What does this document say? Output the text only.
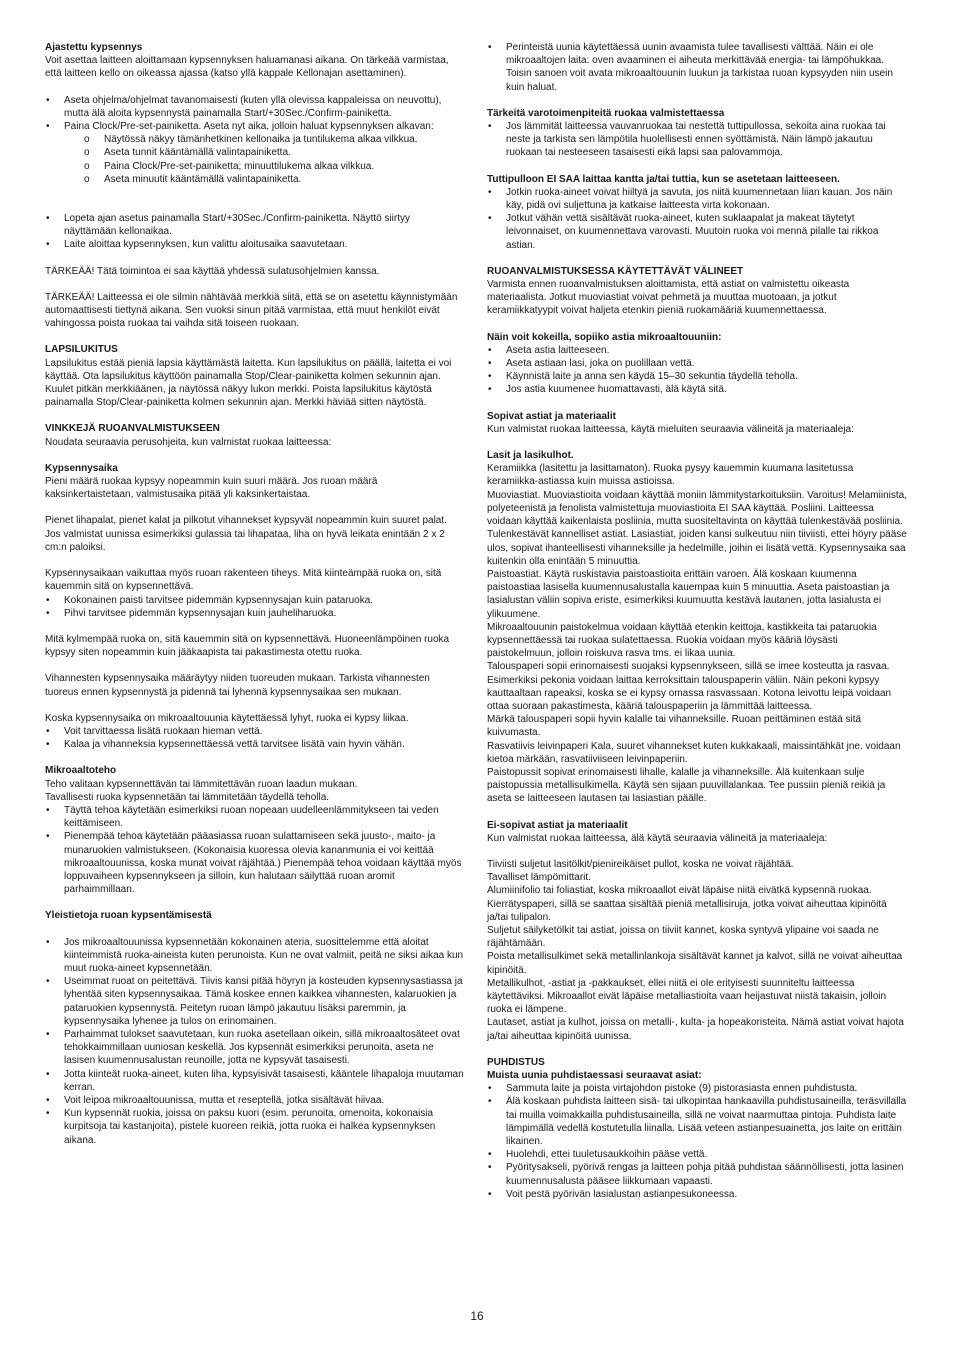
Ajastettu kypsennys

Voit asettaa laitteen aloittamaan kypsennyksen haluamanasi aikana. On tärkeää varmistaa, että laitteen kello on oikeassa ajassa (katso yllä kappale Kellonajan asettaminen).

• Aseta ohjelma/ohjelmat tavanomaisesti (kuten yllä olevissa kappaleissa on neuvottu), mutta älä aloita kypsennystä painamalla Start/+30Sec./Confirm-painiketta.
• Paina Clock/Pre-set-painiketta. Aseta nyt aika, jolloin haluat kypsennyksen alkavan:
o Näytössä näkyy tämänhetkinen kellonaika ja tuntilukema alkaa vilkkua.
o Aseta tunnit kääntämällä valintapainiketta.
o Paina Clock/Pre-set-painiketta; minuuttilukema alkaa vilkkua.
o Aseta minuutit kääntämällä valintapainiketta.
• Lopeta ajan asetus painamalla Start/+30Sec./Confirm-painiketta. Näyttö siirtyy näyttämään kellonaikaa.
• Laite aloittaa kypsennyksen, kun valittu aloitusaika saavutetaan.

TÄRKEÄÄ! Tätä toimintoa ei saa käyttää yhdessä sulatusohjelmien kanssa.

TÄRKEÄÄ! Laitteessa ei ole silmin nähtävää merkkiä siitä, että se on asetettu käynnistymään automaattisesti tiettynä aikana. Sen vuoksi sinun pitää varmistaa, että muut henkilöt eivät vahingossa poista ruokaa tai vaihda sitä toiseen ruokaan.

LAPSILUKITUS

Lapsilukitus estää pieniä lapsia käyttämästä laitetta. Kun lapsilukitus on päällä, laitetta ei voi käyttää. Ota lapsilukitus käyttöön painamalla Stop/Clear-painiketta kolmen sekunnin ajan. Kuulet pitkän merkkiäänen, ja näytössä näkyy lukon merkki. Poista lapsilukitus käytöstä painamalla Stop/Clear-painiketta kolmen sekunnin ajan. Merkki häviää sitten näytöstä.

VINKKEJÄ RUOANVALMISTUKSEEN

Noudata seuraavia perusohjeita, kun valmistat ruokaa laitteessa:

Kypsennysaika

Pieni määrä ruokaa kypsyy nopeammin kuin suuri määrä. Jos ruoan määrä kaksinkertaistetaan, valmistusaika pitää yli kaksinkertaistaa.

Pienet lihapalat, pienet kalat ja pilkotut vihannekset kypsyvät nopeammin kuin suuret palat. Jos valmistat uunissa esimerkiksi gulassia tai lihapataa, liha on hyvä leikata enintään 2 x 2 cm:n paloiksi.

Kypsennysaikaan vaikuttaa myös ruoan rakenteen tiheys. Mitä kiinteämpää ruoka on, sitä kauemmin sitä on kypsennettävä.

• Kokonainen paisti tarvitsee pidemmän kypsennysajan kuin pataruoka.
• Pihvi tarvitsee pidemmän kypsennysajan kuin jauheliharuoka.

Mitä kylmempää ruoka on, sitä kauemmin sitä on kypsennettävä. Huoneenlämpöinen ruoka kypsyy siten nopeammin kuin jääkaapista tai pakastimesta otettu ruoka.

Vihannesten kypsennysaika määräytyy niiden tuoreuden mukaan. Tarkista vihannesten tuoreus ennen kypsennystä ja pidennä tai lyhennä kypsennysaikaa sen mukaan.

Koska kypsennysaika on mikroaaltouunia käytettäessä lyhyt, ruoka ei kypsy liikaa.

• Voit tarvittaessa lisätä ruokaan hieman vettä.
• Kalaa ja vihanneksia kypsennettäessä vettä tarvitsee lisätä vain hyvin vähän.

Mikroaaltoteho

Teho valitaan kypsennettävän tai lämmitettävän ruoan laadun mukaan.

Tavallisesti ruoka kypsennetään tai lämmitetään täydellä teholla.

• Täyttä tehoa käytetään esimerkiksi ruoan nopeaan uudelleenlämmitykseen tai veden keittämiseen.
• Pienempää tehoa käytetään pääasiassa ruoan sulattamiseen sekä juusto-, maito- ja munaruokien valmistukseen. (Kokonaisia kuoressa olevia kananmunia ei voi keittää mikroaaltouunissa, koska munat voivat räjähtää.) Pienempää tehoa voidaan käyttää myös loppuvaiheen kypsennykseen ja silloin, kun halutaan säilyttää ruoan aromit parhaimmillaan.

Yleistietoja ruoan kypsentämisestä

• Jos mikroaaltouunissa kypsennetään kokonainen ateria, suosittelemme että aloitat kiinteimmistä ruoka-aineista kuten perunoista. Kun ne ovat valmiit, peitä ne siksi aikaa kun muut ruoka-aineet kypsennetään.
• Useimmat ruoat on peitettävä. Tiivis kansi pitää höyryn ja kosteuden kypsennysastiassa ja lyhentää siten kypsennysaikaa. Tämä koskee ennen kaikkea vihannesten, kalaruokien ja pataruokien kypsennystä. Peitetyn ruoan lämpö jakautuu lisäksi paremmin, ja kypsennysaika lyhenee ja tulos on erinomainen.
• Parhaimmat tulokset saavutetaan, kun ruoka asetellaan oikein, sillä mikroaaltosäteet ovat tehokkaimmillaan uuniosan keskellä. Jos kypsennät esimerkiksi perunoita, aseta ne lasisen kuumennusalustan reunoille, jotta ne kypsyvät tasaisesti.
• Jotta kiinteät ruoka-aineet, kuten liha, kypsyisivät tasaisesti, kääntele lihapaloja muutaman kerran.
• Voit leipoa mikroaaltouunissa, mutta et reseptellä, jotka sisältävät hiivaa.
• Kun kypsennät ruokia, joissa on paksu kuori (esim. perunoita, omenoita, kokonaisia kurpitsoja tai kastanjoita), pistele kuoreen reikiä, jotta ruoka ei halkea kypsennyksen aikana.
• Perinteistä uunia käytettäessä uunin avaamista tulee tavallisesti välttää. Näin ei ole mikroaaltojen laita: oven avaaminen ei aiheuta merkittävää energia- tai lämpöhukkaa. Toisin sanoen voit avata mikroaaltouunin luukun ja tarkistaa ruoan kypsyyden niin usein kuin haluat.

Tärkeitä varotoimenpiteitä ruokaa valmistettaessa

• Jos lämmität laitteessa vauvanruokaa tai nestettä tuttipullossa, sekoita aina ruokaa tai neste ja tarkista sen lämpötila huolellisesti ennen syöttämistä. Näin lämpö jakautuu ruokaan tai nesteeseen tasaisesti eikä lapsi saa palovammoja.

Tuttipulloon EI SAA laittaa kantta ja/tai tuttia, kun se asetetaan laitteeseen.

• Jotkin ruoka-aineet voivat hiiltyä ja savuta, jos niitä kuumennetaan liian kauan. Jos näin käy, pidä ovi suljettuna ja katkaise laitteesta virta kokonaan.
• Jotkut vähän vettä sisältävät ruoka-aineet, kuten suklaapalat ja makeat täytetyt leivonnaiset, on kuumennettava varovasti. Muutoin ruoka voi mennä pilalle tai rikkoa astian.

RUOANVALMISTUKSESSA KÄYTETTÄVÄT VÄLINEET

Varmista ennen ruoanvalmistuksen aloittamista, että astiat on valmistettu oikeasta materiaalista. Jotkut muoviastiat voivat pehmetä ja muuttaa muotoaan, ja jotkut keramiikkatyypit voivat haljeta etenkin pieniä ruokamääriä kuumennettaessa.

Näin voit kokeilla, sopiiko astia mikroaaltouuniin:

• Aseta astia laitteeseen.
• Aseta astiaan lasi, joka on puolillaan vettä.
• Käynnistä laite ja anna sen käydä 15–30 sekuntia täydellä teholla.
• Jos astia kuumenee huomattavasti, älä käytä sitä.

Sopivat astiat ja materiaalit

Kun valmistat ruokaa laitteessa, käytä mieluiten seuraavia välineitä ja materiaaleja:

Lasit ja lasikulhot.

Keramiikka (lasitettu ja lasittamaton). Ruoka pysyy kauemmin kuumana lasitetussa keramiikka-astiassa kuin muissa astioissa.

Muoviastiat. Muoviastioita voidaan käyttää moniin lämmitystarkoituksiin. Varoitus! Melamiinista, polyeteenistä ja fenolista valmistettuja muoviastioita EI SAA käyttää. Posliini. Laitteessa voidaan käyttää kaikenlaista posliinia, mutta suositeltavinta on käyttää tulenkestävää posliinia.

Tulenkestävät kannelliset astiat. Lasiastiat, joiden kansi sulkeutuu niin tiiviisti, ettei höyry pääse ulos, sopivat ihanteellisesti vihanneksille ja hedelmille, joihin ei lisätä vettä. Kypsennysaika saa kuitenkin olla enintään 5 minuuttia.

Paistoastiat. Käytä ruskistavia paistoastioita erittäin varoen. Älä koskaan kuumenna paistoastiaa lasisella kuumennusalustalla kauempaa kuin 5 minuuttia. Aseta paistoastian ja lasialustan väliin sopiva eriste, esimerkiksi kuumuutta kestävä lautanen, jotta lasialusta ei ylikuumene.

Mikroaaltouunin paistokelmua voidaan käyttää etenkin keittoja, kastikkeita tai pataruokia kypsennettäessä tai ruokaa sulatettaessa. Ruokia voidaan myös kääriä löysästi paistokelmuun, jolloin roiskuva rasva tms. ei likaa uunia.

Talouspaperi sopii erinomaisesti suojaksi kypsennykseen, sillä se imee kosteutta ja rasvaa. Esimerkiksi pekonia voidaan laittaa kerroksittain talouspaperin väliin. Näin pekoni kypsyy kauttaaltaan rapeaksi, koska se ei kypsy omassa rasvassaan. Kotona leivottu leipä voidaan ottaa suoraan pakastimesta, kääriä talouspaperiin ja lämmittää laitteessa.

Märkä talouspaperi sopii hyvin kalalle tai vihanneksille. Ruoan peittäminen estää sitä kuivumasta.

Rasvatiivis leivinpaperi Kala, suuret vihannekset kuten kukkakaali, maissintähkät jne. voidaan kietoa märkään, rasvatiiviiseen leivinpaperiin.

Paistopussit sopivat erinomaisesti lihalle, kalalle ja vihanneksille. Älä kuitenkaan sulje paistopussia metallisulkimella. Käytä sen sijaan puuvillalankaa. Tee pussiin pieniä reikiä ja aseta se laitteeseen lautasen tai lasiastian päälle.

Ei-sopivat astiat ja materiaalit

Kun valmistat ruokaa laitteessa, älä käytä seuraavia välineitä ja materiaaleja:

Tiiviisti suljetut lasitölkit/pienireikäiset pullot, koska ne voivat räjähtää.

Tavalliset lämpömittarit.

Alumiinifolio tai foliastiat, koska mikroaallot eivät läpäise niitä eivätkä kypsennä ruokaa.

Kierrätyspaperi, sillä se saattaa sisältää pieniä metallisiruja, jotka voivat aiheuttaa kipinöitä ja/tai tulipalon.

Suljetut säilyketölkit tai astiat, joissa on tiiviit kannet, koska syntyvä ylipaine voi saada ne räjähtämään.

Poista metallisulkimet sekä metallinlankoja sisältävät kannet ja kalvot, sillä ne voivat aiheuttaa kipinöitä.

Metallikulhot, -astiat ja -pakkaukset, ellei niitä ei ole erityisesti suunniteltu laitteessa käytettäviksi. Mikroaallot eivät läpäise metalliastioita vaan heijastuvat niistä takaisin, jolloin ruoka ei lämpene.

Lautaset, astiat ja kulhot, joissa on metalli-, kulta- ja hopeakoristeita. Nämä astiat voivat hajota ja/tai aiheuttaa kipinöitä uunissa.

PUHDISTUS

Muista uunia puhdistaessasi seuraavat asiat:

• Sammuta laite ja poista virtajohdon pistoke (9) pistorasiasta ennen puhdistusta.
• Älä koskaan puhdista laitteen sisä- tai ulkopintaa hankaavilla puhdistusaineilla, teräsvillalla tai muilla voimakkailla puhdistusaineilla, sillä ne voivat naarmuttaa pintoja. Puhdista laite lämpimällä vedellä kostutetulla liinalla. Lisää veteen astianpesuainetta, jos laite on erittäin likainen.
• Huolehdi, ettei tuuletusaukkoihin pääse vettä.
• Pyöritysakseli, pyörivä rengas ja laitteen pohja pitää puhdistaa säännöllisesti, jotta lasinen kuumennusalusta pääsee liikkumaan vapaasti.
• Voit pestä pyörivän lasialustan astianpesukoneessa.
16
